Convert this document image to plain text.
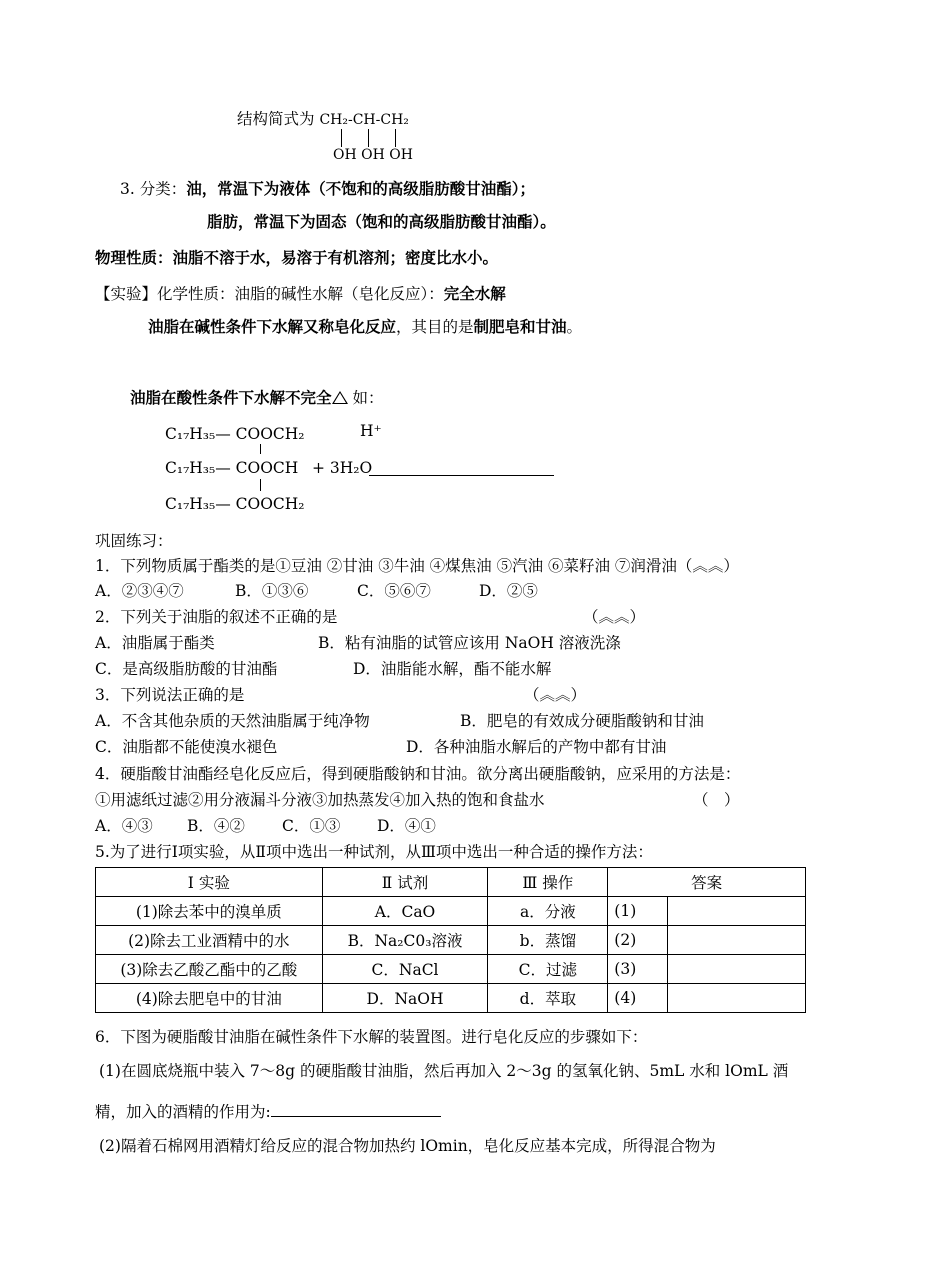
结构简式为 CH₂-CH-CH₂
OH OH OH
3. 分类：油，常温下为液体（不饱和的高级脂肪酸甘油酯）；
脂肪，常温下为固态（饱和的高级脂肪酸甘油酯）。
物理性质：油脂不溶于水，易溶于有机溶剂；密度比水小。
【实验】化学性质：油脂的碱性水解（皂化反应）：完全水解
油脂在碱性条件下水解又称皂化反应，其目的是制肥皂和甘油。
油脂在酸性条件下水解不完全 如：
C₁₇H₃₅— COOCH₂	H⁺
C₁₇H₃₅— COOCH + 3H₂O
C₁₇H₃₅— COOCH₂
巩固练习：
1．下列物质属于酯类的是①豆油 ②甘油 ③牛油 ④煤焦油 ⑤汽油 ⑥菜籽油 ⑦润滑油（︽︽）
A．②③④⑦	B．①③⑥	C．⑤⑥⑦	D．②⑤
2．下列关于油脂的叙述不正确的是	（︽︽）
A．油脂属于酯类	B．粘有油脂的试管应该用 NaOH 溶液洗涤
C．是高级脂肪酸的甘油酯	D．油脂能水解，酯不能水解
3．下列说法正确的是	（︽︽）
A．不含其他杂质的天然油脂属于纯净物	B．肥皂的有效成分硬脂酸钠和甘油
C．油脂都不能使溴水褪色	D．各种油脂水解后的产物中都有甘油
4．硬脂酸甘油酯经皂化反应后，得到硬脂酸钠和甘油。欲分离出硬脂酸钠，应采用的方法是：
①用滤纸过滤②用分液漏斗分液③加热蒸发④加入热的饱和食盐水	（　）
A．④③ B．④② C．①③ D．④①
5.为了进行Ⅰ项实验，从Ⅱ项中选出一种试剂，从Ⅲ项中选出一种合适的操作方法：
I 实验	Ⅱ 试剂	Ⅲ 操作	答案	
(1)除去苯中的溴单质	A．CaO	a．分液	(1)	
(2)除去工业酒精中的水	B．Na₂C0₃溶液	b．蒸馏	(2)	
(3)除去乙酸乙酯中的乙酸	C．NaCl	C．过滤	(3)	
(4)除去肥皂中的甘油	D．NaOH	d．萃取	(4)	
6．下图为硬脂酸甘油脂在碱性条件下水解的装置图。进行皂化反应的步骤如下：
(1)在圆底烧瓶中装入 7～8g 的硬脂酸甘油脂，然后再加入 2～3g 的氢氧化钠、5mL 水和 lOmL 酒
精，加入的酒精的作用为:
(2)隔着石棉网用酒精灯给反应的混合物加热约 lOmin，皂化反应基本完成，所得混合物为
